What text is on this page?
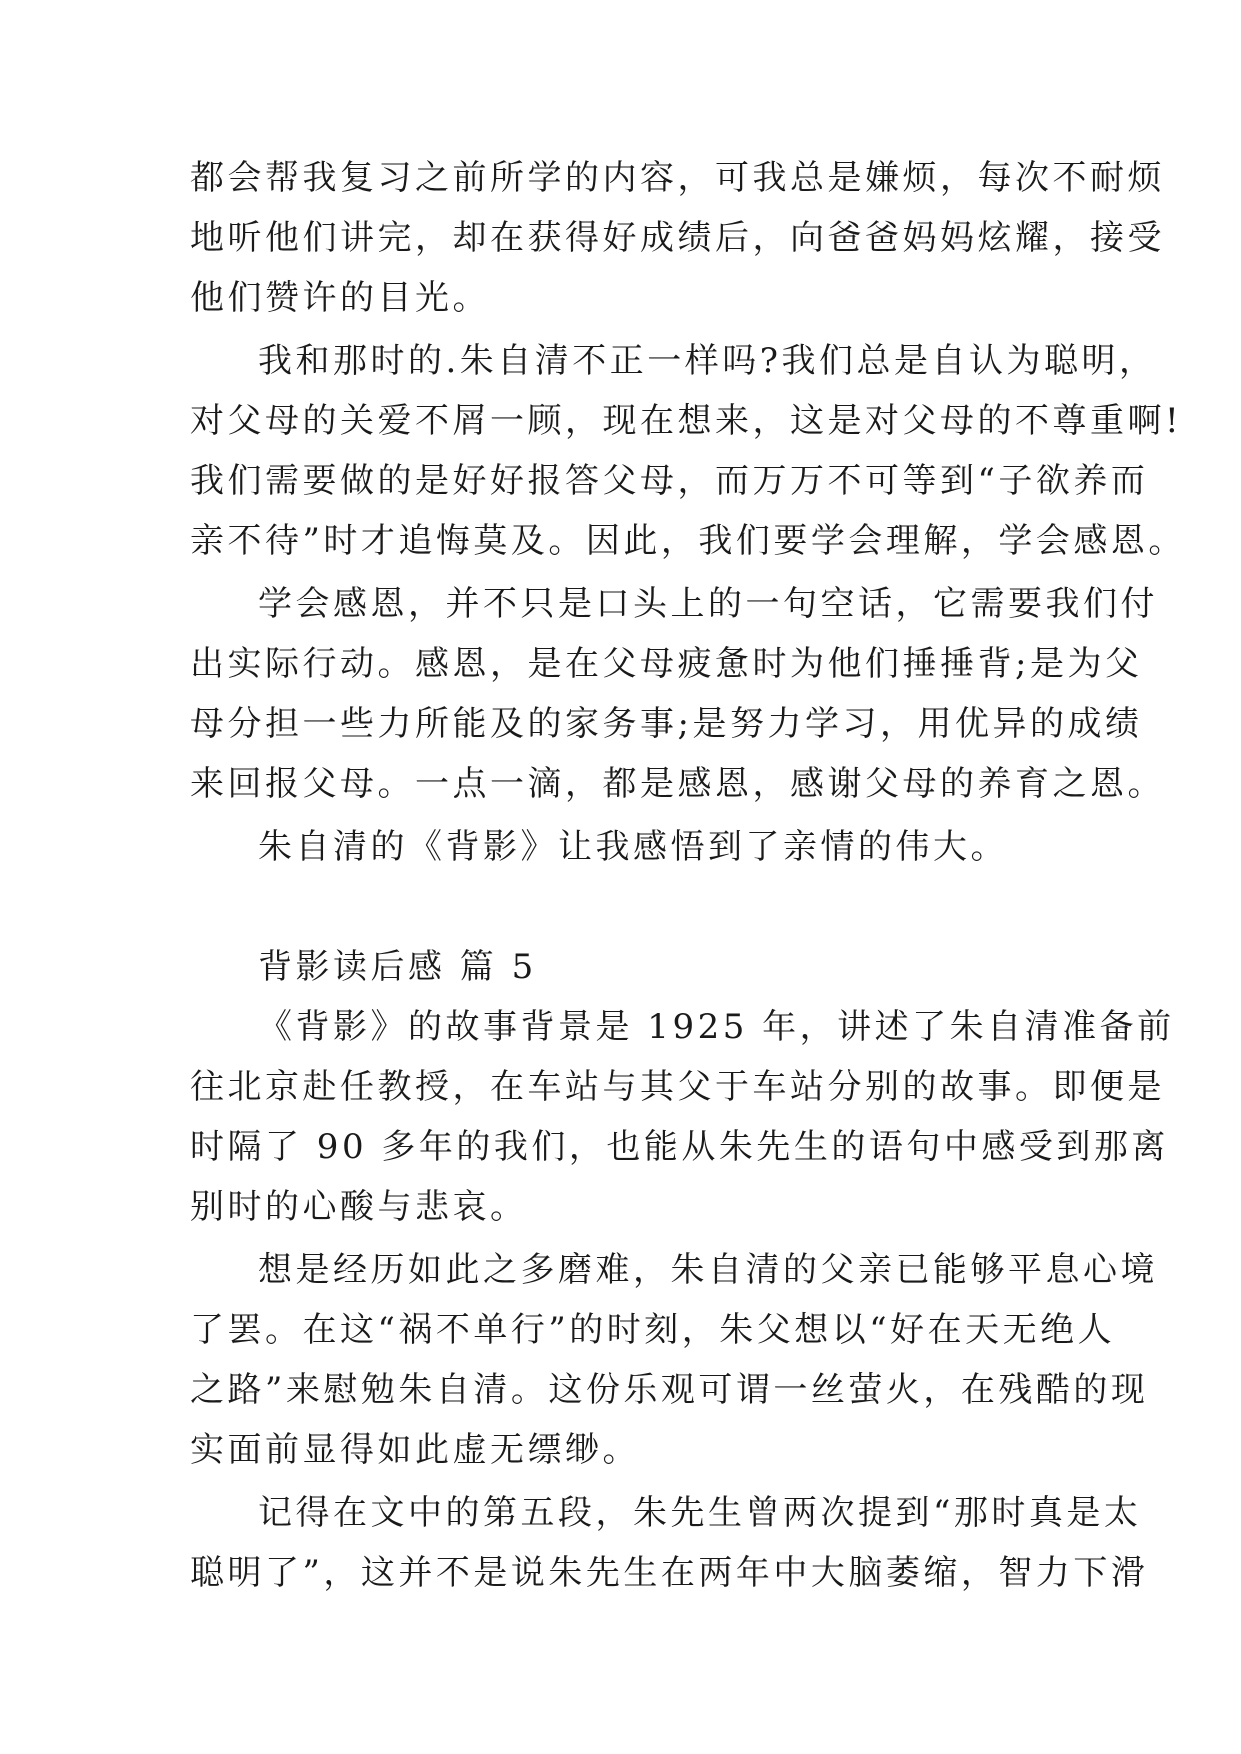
都会帮我复习之前所学的内容，可我总是嫌烦，每次不耐烦
地听他们讲完，却在获得好成绩后，向爸爸妈妈炫耀，接受
他们赞许的目光。
我和那时的.朱自清不正一样吗?我们总是自认为聪明，
对父母的关爱不屑一顾，现在想来，这是对父母的不尊重啊!
我们需要做的是好好报答父母，而万万不可等到“子欲养而
亲不待”时才追悔莫及。因此，我们要学会理解，学会感恩。
学会感恩，并不只是口头上的一句空话，它需要我们付
出实际行动。感恩，是在父母疲惫时为他们捶捶背;是为父
母分担一些力所能及的家务事;是努力学习，用优异的成绩
来回报父母。一点一滴，都是感恩，感谢父母的养育之恩。
朱自清的《背影》让我感悟到了亲情的伟大。
背影读后感 篇 5
《背影》的故事背景是 1925 年，讲述了朱自清准备前
往北京赴任教授，在车站与其父于车站分别的故事。即便是
时隔了 90 多年的我们，也能从朱先生的语句中感受到那离
别时的心酸与悲哀。
想是经历如此之多磨难，朱自清的父亲已能够平息心境
了罢。在这“祸不单行”的时刻，朱父想以“好在天无绝人
之路”来慰勉朱自清。这份乐观可谓一丝萤火，在残酷的现
实面前显得如此虚无缥缈。
记得在文中的第五段，朱先生曾两次提到“那时真是太
聪明了”，这并不是说朱先生在两年中大脑萎缩，智力下滑
